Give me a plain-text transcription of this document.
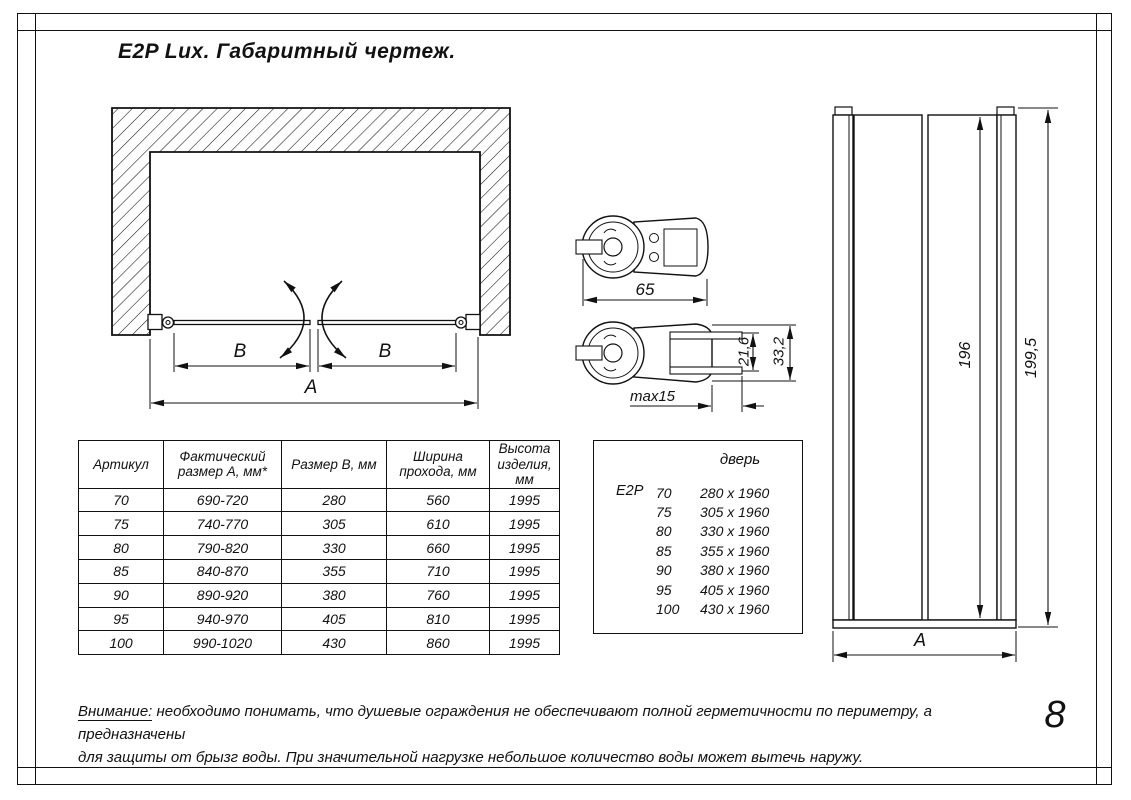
E2P Lux. Габаритный чертеж.
B	B
A
65
21,6 33,2
max15
196	199,5
A
Артикул	Фактический размер А, мм*	Размер В, мм	Ширина прохода, мм	Высота изделия, мм
70	690-720	280	560	1995
75	740-770	305	610	1995
80	790-820	330	660	1995
85	840-870	355	710	1995
90	890-920	380	760	1995
95	940-970	405	810	1995
100	990-1020	430	860	1995
дверь
E2P 70	280 x 1960
75	305 x 1960
80	330 x 1960
85	355 x 1960
90	380 x 1960
95	405 x 1960
100	430 x 1960
Внимание: необходимо понимать, что душевые ограждения не обеспечивают полной герметичности по периметру, а предназначены
для защиты от брызг воды. При значительной нагрузке небольшое количество воды может вытечь наружу.
8
